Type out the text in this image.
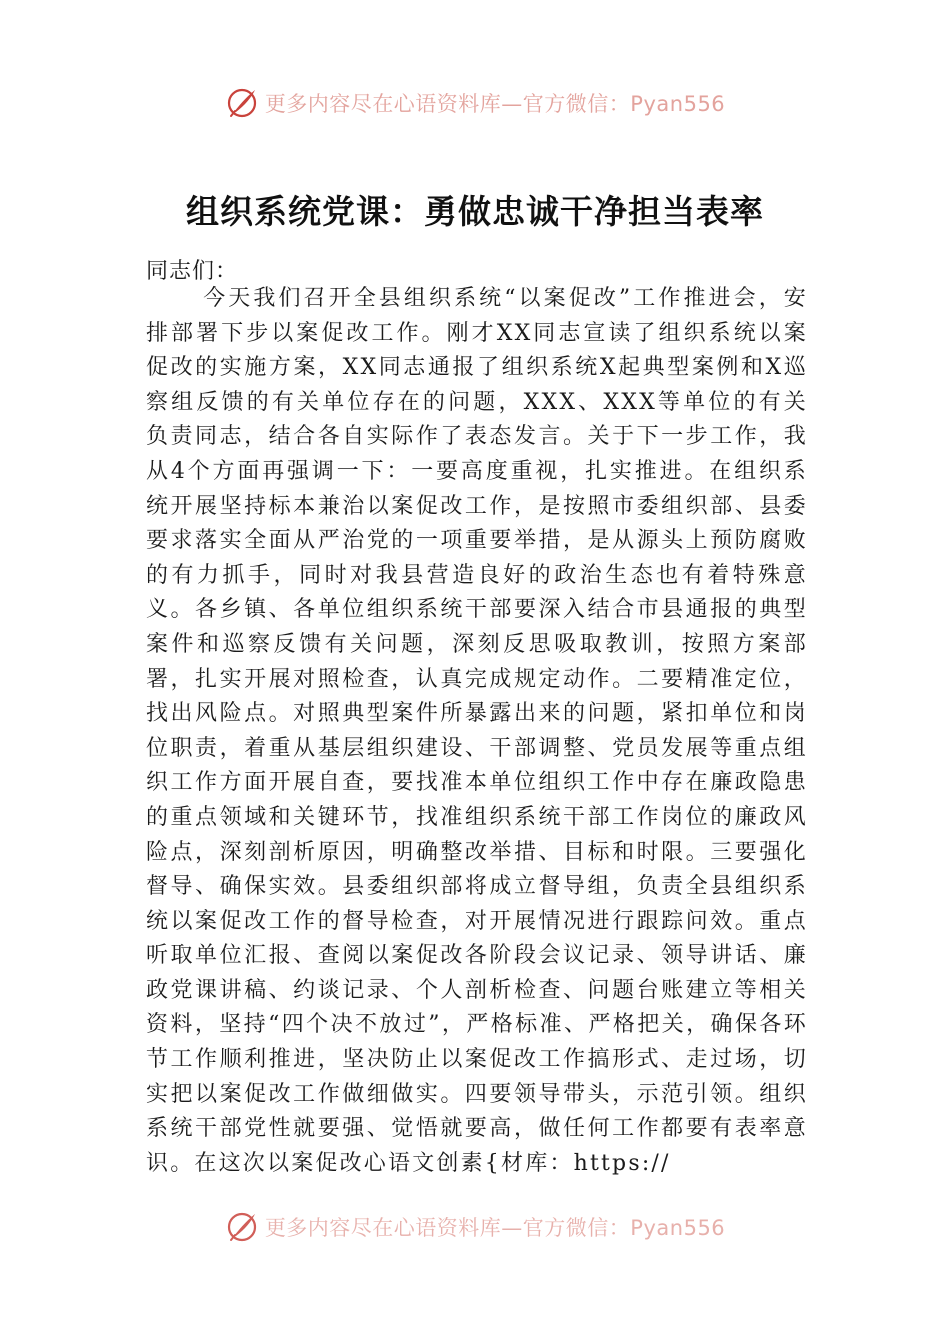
更多内容尽在心语资料库—官方微信：Pyan556
组织系统党课：勇做忠诚干净担当表率
同志们：

今天我们召开全县组织系统“以案促改”工作推进会，安排部署下步以案促改工作。刚才XX同志宣读了组织系统以案促改的实施方案，XX同志通报了组织系统X起典型案例和X巡察组反馈的有关单位存在的问题，XXX、XXX等单位的有关负责同志，结合各自实际作了表态发言。关于下一步工作，我从4个方面再强调一下：一要高度重视，扎实推进。在组织系统开展坚持标本兼治以案促改工作，是按照市委组织部、县委要求落实全面从严治党的一项重要举措，是从源头上预防腐败的有力抓手，同时对我县营造良好的政治生态也有着特殊意义。各乡镇、各单位组织系统干部要深入结合市县通报的典型案件和巡察反馈有关问题，深刻反思吸取教训，按照方案部署，扎实开展对照检查，认真完成规定动作。二要精准定位，找出风险点。对照典型案件所暴露出来的问题，紧扣单位和岗位职责，着重从基层组织建设、干部调整、党员发展等重点组织工作方面开展自查，要找准本单位组织工作中存在廉政隐患的重点领域和关键环节，找准组织系统干部工作岗位的廉政风险点，深刻剖析原因，明确整改举措、目标和时限。三要强化督导、确保实效。县委组织部将成立督导组，负责全县组织系统以案促改工作的督导检查，对开展情况进行跟踪问效。重点听取单位汇报、查阅以案促改各阶段会议记录、领导讲话、廉政党课讲稿、约谈记录、个人剖析检查、问题台账建立等相关资料，坚持“四个决不放过”，严格标准、严格把关，确保各环节工作顺利推进，坚决防止以案促改工作搞形式、走过场，切实把以案促改工作做细做实。四要领导带头，示范引领。组织系统干部党性就要强、觉悟就要高，做任何工作都要有表率意识。在这次以案促改心语文创素{材库：https://

更多内容尽在心语资料库—官方微信：Pyan556
